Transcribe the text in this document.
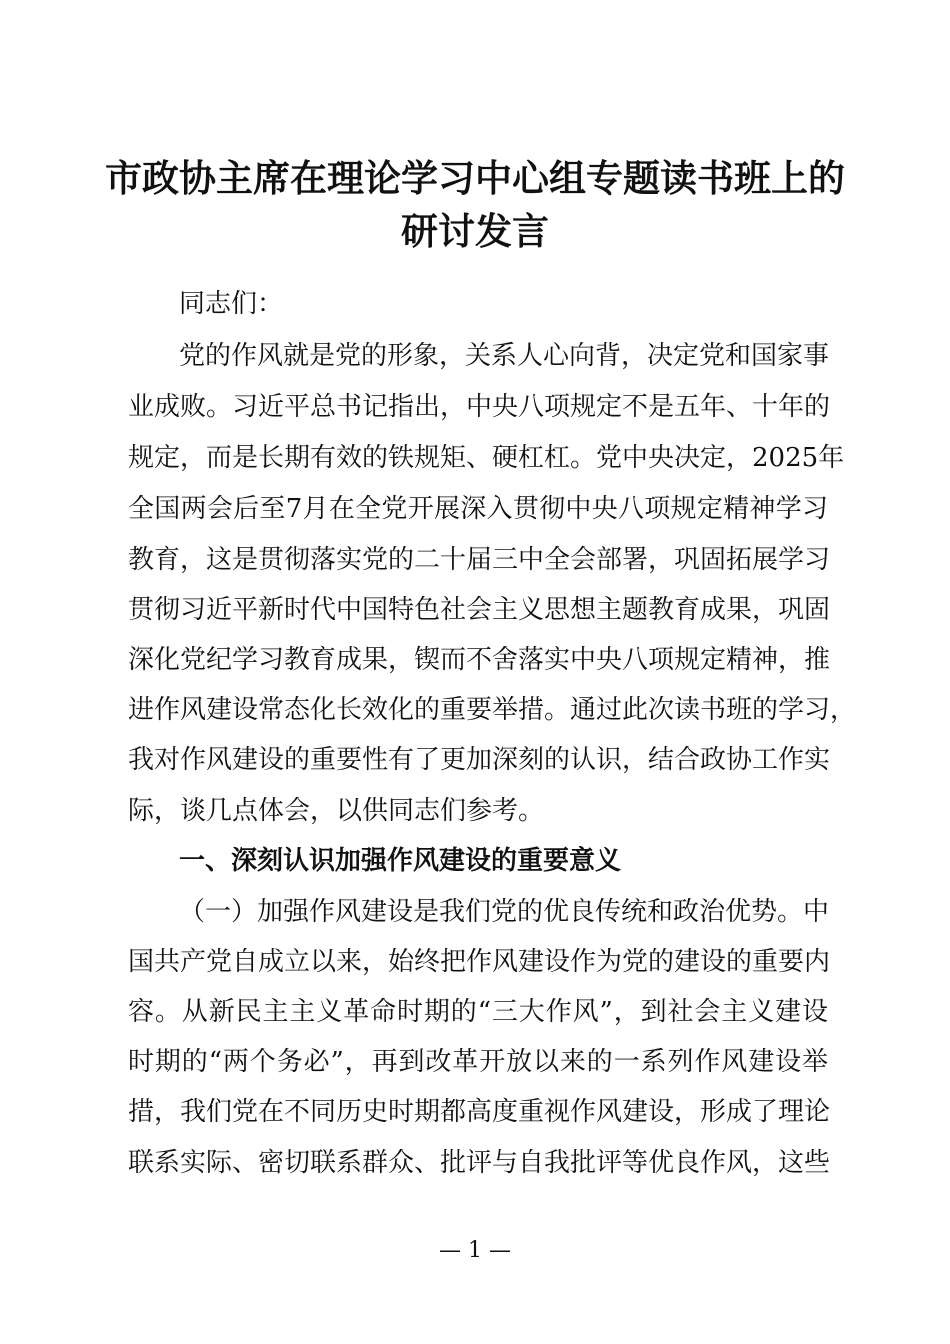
市政协主席在理论学习中心组专题读书班上的
研讨发言
同志们：
党的作风就是党的形象，关系人心向背，决定党和国家事
业成败。习近平总书记指出，中央八项规定不是五年、十年的
规定，而是长期有效的铁规矩、硬杠杠。党中央决定，2025年
全国两会后至7月在全党开展深入贯彻中央八项规定精神学习
教育，这是贯彻落实党的二十届三中全会部署，巩固拓展学习
贯彻习近平新时代中国特色社会主义思想主题教育成果，巩固
深化党纪学习教育成果，锲而不舍落实中央八项规定精神，推
进作风建设常态化长效化的重要举措。通过此次读书班的学习，
我对作风建设的重要性有了更加深刻的认识，结合政协工作实
际，谈几点体会，以供同志们参考。
一、深刻认识加强作风建设的重要意义
（一）加强作风建设是我们党的优良传统和政治优势。中
国共产党自成立以来，始终把作风建设作为党的建设的重要内
容。从新民主主义革命时期的“三大作风”，到社会主义建设
时期的“两个务必”，再到改革开放以来的一系列作风建设举
措，我们党在不同历史时期都高度重视作风建设，形成了理论
联系实际、密切联系群众、批评与自我批评等优良作风，这些
— 1 —
